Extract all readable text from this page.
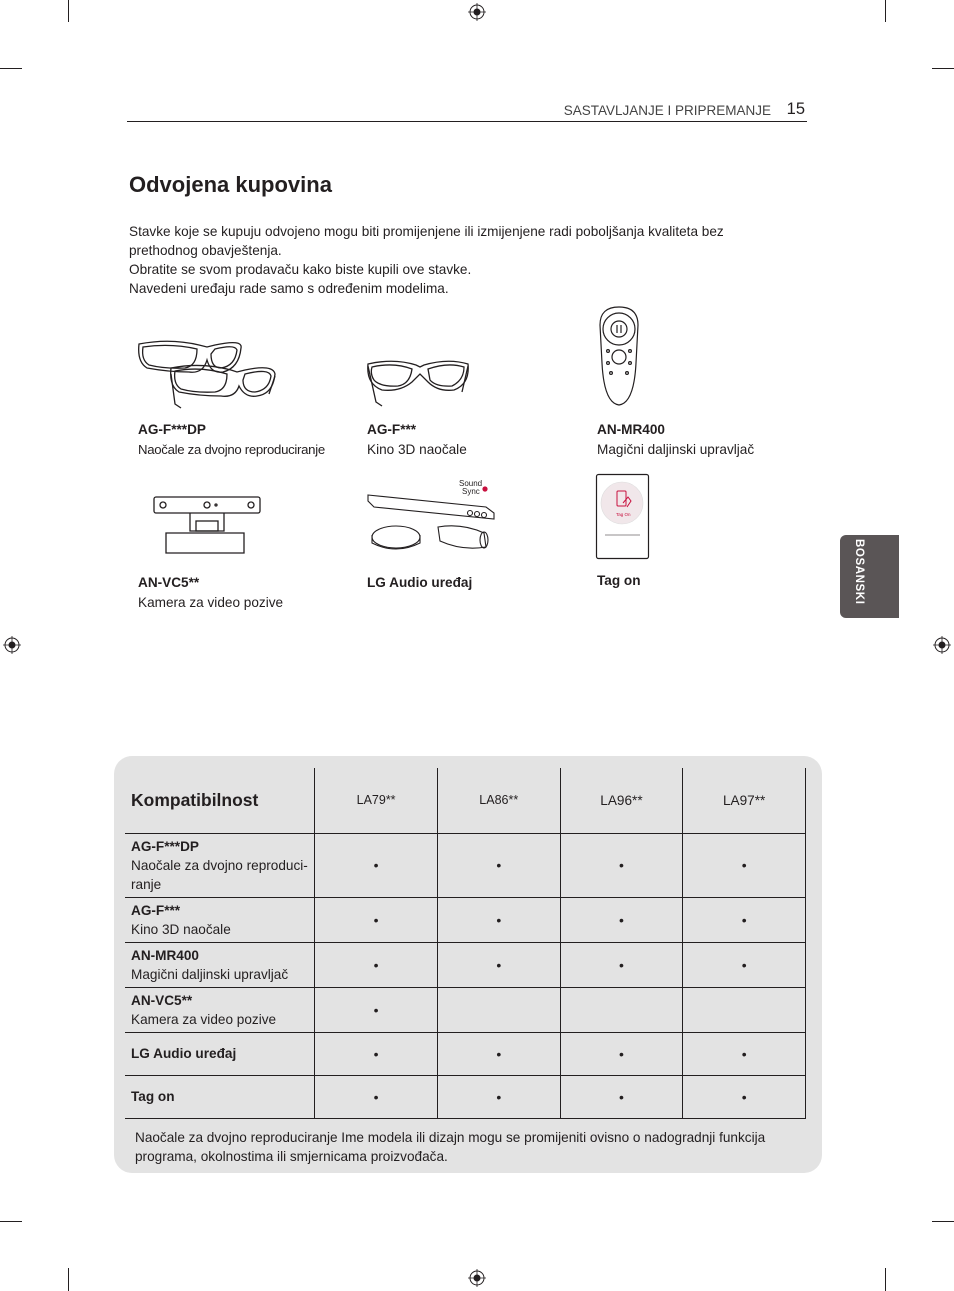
SASTAVLJANJE I PRIPREMANJE 15
Odvojena kupovina

Stavke koje se kupuju odvojeno mogu biti promijenjene ili izmijenjene radi poboljšanja kvaliteta bez prethodnog obavještenja.

Obratite se svom prodavaču kako biste kupili ove stavke.

Navedeni uređaju rade samo s određenim modelima.

Sound
Sync
Tag On
AG-F***DP
Naočale za dvojno reproduciranje
AG-F***
Kino 3D naočale
AN-MR400
Magični daljinski upravljač
AN-VC5**
Kamera za video pozive
LG Audio uređaj	Tag on	BOSANSKI
Kompatibilnost	LA79**	LA86**	LA96**	LA97**

AG-F***DP
Naočale za dvojno reproduci-ranje	•	•	•	•

AG-F***
Kino 3D naočale	•	•	•	•

AN-MR400
Magični daljinski upravljač	•	•	•	•

AN-VC5**
Kamera za video pozive	•			

LG Audio uređaj	•	•	•	•

Tag on	•	•	•	•
Naočale za dvojno reproduciranje Ime modela ili dizajn mogu se promijeniti ovisno o nadogradnji funkcija programa, okolnostima ili smjernicama proizvođača.
